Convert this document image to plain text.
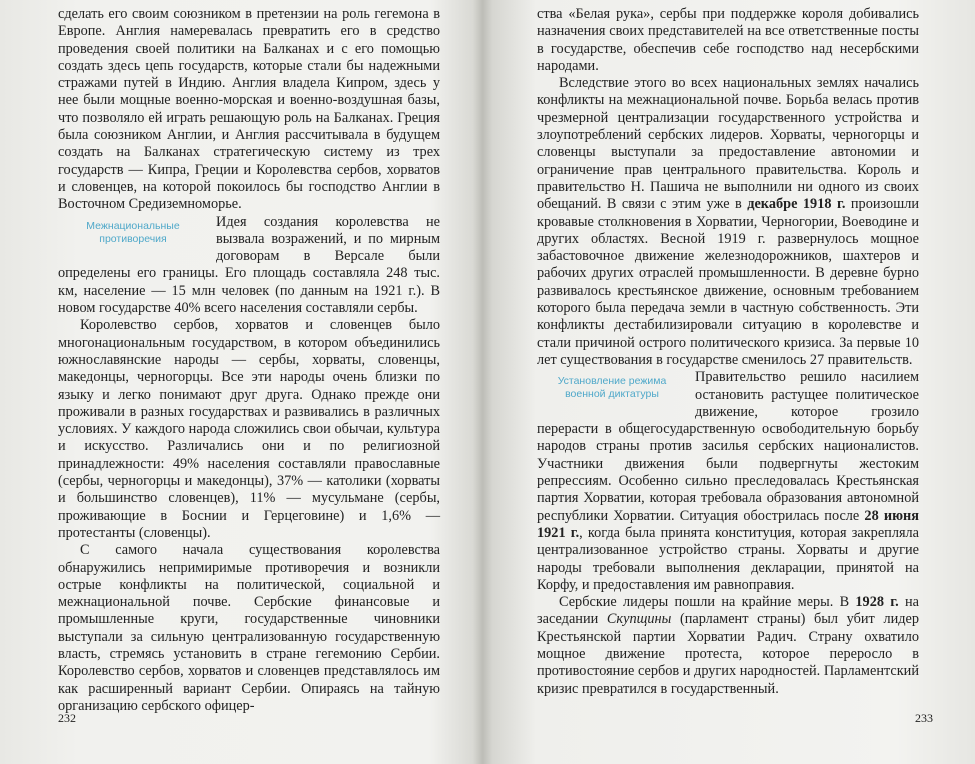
сделать его своим союзником в претензии на роль гегемона в Европе. Англия намеревалась превратить его в средство проведения своей политики на Балканах и с его помощью создать здесь цепь государств, которые стали бы надежными стражами путей в Индию. Англия владела Кипром, здесь у нее были мощные военно-морская и военно-воздушная базы, что позволяло ей играть решающую роль на Балканах. Греция была союзником Англии, и Англия рассчитывала в будущем создать на Балканах стратегическую систему из трех государств — Кипра, Греции и Королевства сербов, хорватов и словенцев, на которой покоилось бы господство Англии в Восточном Средиземноморье.

Межнациональные
противоречия

Идея создания королевства не вызвала возражений, и по мирным договорам в Версале были определены его границы. Его площадь составляла 248 тыс. км, население — 15 млн человек (по данным на 1921 г.). В новом государстве 40% всего населения составляли сербы.

Королевство сербов, хорватов и словенцев было многонациональным государством, в котором объединились южнославянские народы — сербы, хорваты, словенцы, македонцы, черногорцы. Все эти народы очень близки по языку и легко понимают друг друга. Однако прежде они проживали в разных государствах и развивались в различных условиях. У каждого народа сложились свои обычаи, культура и искусство. Различались они и по религиозной принадлежности: 49% населения составляли православные (сербы, черногорцы и македонцы), 37% — католики (хорваты и большинство словенцев), 11% — мусульмане (сербы, проживающие в Боснии и Герцеговине) и 1,6% — протестанты (словенцы).

С самого начала существования королевства обнаружились непримиримые противоречия и возникли острые конфликты на политической, социальной и межнациональной почве. Сербские финансовые и промышленные круги, государственные чиновники выступали за сильную централизованную государственную власть, стремясь установить в стране гегемонию Сербии. Королевство сербов, хорватов и словенцев представлялось им как расширенный вариант Сербии. Опираясь на тайную организацию сербского офицер-

232

ства «Белая рука», сербы при поддержке короля добивались назначения своих представителей на все ответственные посты в государстве, обеспечив себе господство над несербскими народами.

Вследствие этого во всех национальных землях начались конфликты на межнациональной почве. Борьба велась против чрезмерной централизации государственного устройства и злоупотреблений сербских лидеров. Хорваты, черногорцы и словенцы выступали за предоставление автономии и ограничение прав центрального правительства. Король и правительство Н. Пашича не выполнили ни одного из своих обещаний. В связи с этим уже в декабре 1918 г. произошли кровавые столкновения в Хорватии, Черногории, Воеводине и других областях. Весной 1919 г. развернулось мощное забастовочное движение железнодорожников, шахтеров и рабочих других отраслей промышленности. В деревне бурно развивалось крестьянское движение, основным требованием которого была передача земли в частную собственность. Эти конфликты дестабилизировали ситуацию в королевстве и стали причиной острого политического кризиса. За первые 10 лет существования в государстве сменилось 27 правительств.

Установление режима
военной диктатуры

Правительство решило насилием остановить растущее политическое движение, которое грозило перерасти в общегосударственную освободительную борьбу народов страны против засилья сербских националистов. Участники движения были подвергнуты жестоким репрессиям. Особенно сильно преследовалась Крестьянская партия Хорватии, которая требовала образования автономной республики Хорватии. Ситуация обострилась после 28 июня 1921 г., когда была принята конституция, которая закрепляла централизованное устройство страны. Хорваты и другие народы требовали выполнения декларации, принятой на Корфу, и предоставления им равноправия.

Сербские лидеры пошли на крайние меры. В 1928 г. на заседании Скупщины (парламент страны) был убит лидер Крестьянской партии Хорватии Радич. Страну охватило мощное движение протеста, которое переросло в противостояние сербов и других народностей. Парламентский кризис превратился в государственный.

233
